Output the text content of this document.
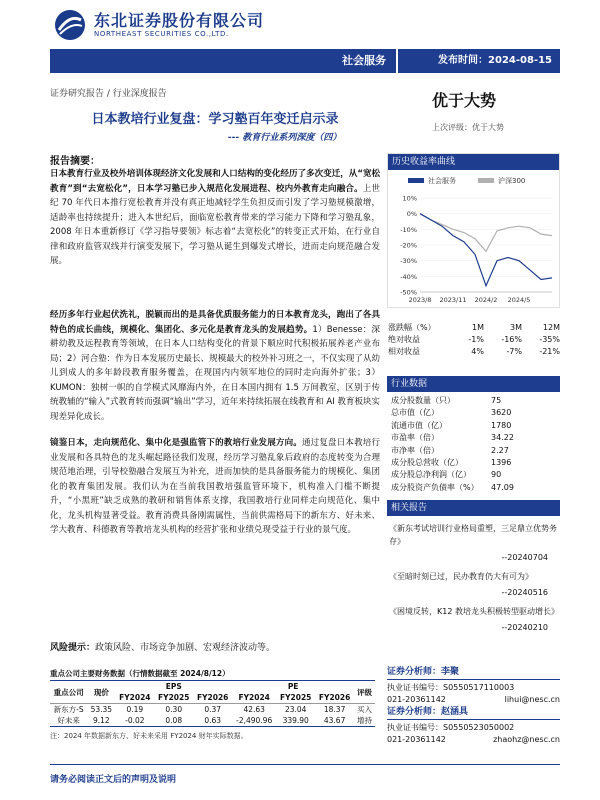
东北证券股份有限公司
NORTHEAST SECURITIES CO.,LTD.
社会服务	发布时间：2024-08-15
证券研究报告 / 行业深度报告	优于大势
日本教培行业复盘：学习塾百年变迁启示录
--- 教育行业系列深度（四）
上次评级：优于大势
报告摘要：
日本教育行业及校外培训体现经济文化发展和人口结构的变化经历了多次变迁，从“宽松教育”到“去宽松化”，日本学习塾已步入规范化发展进程、校内外教育走向融合。上世纪 70 年代日本推行宽松教育并没有真正地减轻学生负担反而引发了学习塾规模激增，适龄率也持续提升；进入本世纪后，面临宽松教育带来的学习能力下降和学习塾乱象，2008 年日本重新修订《学习指导要领》标志着“去宽松化”的转变正式开始，在行业自律和政府监管双线并行演变发展下，学习塾从诞生到爆发式增长，进而走向规范融合发展。
经历多年行业起伏洗礼，脱颖而出的是具备优质服务能力的日本教育龙头，跑出了各具特色的成长曲线，规模化、集团化、多元化是教育龙头的发展趋势。1）Benesse：深耕幼教及远程教育等领域，在日本人口结构变化的背景下顺应时代积极拓展养老产业布局；2）河合塾：作为日本发展历史最长、规模最大的校外补习班之一，不仅实现了从幼儿到成人的多年龄段教育服务覆盖，在现国内内领军地位的同时走向海外扩张；3）KUMON：独树一帜的自学模式风靡海内外，在日本国内拥有 1.5 万间教室，区别于传统教辅的“输入”式教育转而强调“输出”学习，近年来持续拓展在线教育和 AI 教育板块实现差异化成长。
镜鉴日本，走向规范化、集中化是强监管下的教培行业发展方向。通过复盘日本教培行业发展和各具特色的龙头崛起路径我们发现，经历学习塾乱象后政府的态度转变为合理规范地治理，引导校塾融合发展互为补充，进而加快的是具备服务能力的规模化、集团化的教育集团发展。我们认为在当前我国教培强监管环境下，机构准入门槛不断提升，“小黑班”缺乏成熟的教研和销售体系支撑，我国教培行业同样走向规范化、集中化，龙头机构显著受益。教育消费具备刚需属性，当前供需格局下的新东方、好未来、学大教育、科德教育等教培龙头机构的经营扩张和业绩兑现受益于行业的景气度。
风险提示：政策风险、市场竞争加剧、宏观经济波动等。
历史收益率曲线
社会服务	沪深300
10%
0%
-10%
-20%
-30%
-40%
-50%
2023/8 2023/11 2024/2 2024/5
涨跌幅（%）	1M	3M	12M
绝对收益	-1%	-16%	-35%
相对收益	4%	-7%	-21%
行业数据
成分股数量（只）	75
总市值（亿）	3620
流通市值（亿）	1780
市盈率（倍）	34.22
市净率（倍）	2.27
成分股总营收（亿）	1396
成分股总净利润（亿）	90
成分股资产负债率（%）	47.09
相关报告
《新东考试培训行业格局重塑，三足鼎立优势务存》
--20240704
《至暗时刻已过，民办教育仍大有可为》
--20240516
《困境反转，K12 教培龙头积极转型驱动增长》
--20240210
证券分析师：李聚
执业证书编号：S0550517110003
021-20361142	lihui@nesc.cn
证券分析师：赵涵具
执业证书编号：S0550523050002
021-20361142	zhaohz@nesc.cn
重点公司主要财务数据（行情数据截至 2024/8/12）
重点公司	现价	EPS			PE			评级
		FY2024	FY2025	FY2026	FY2024	FY2025	FY2026	
新东方-S	53.35	0.19	0.30	0.37	42.63	23.04	18.37	买入
好未来	9.12	-0.02	0.08	0.63	-2,490.96	339.90	43.67	增持
注：2024 年数据新东方、好未来采用 FY2024 财年实际数据。
请务必阅读正文后的声明及说明
